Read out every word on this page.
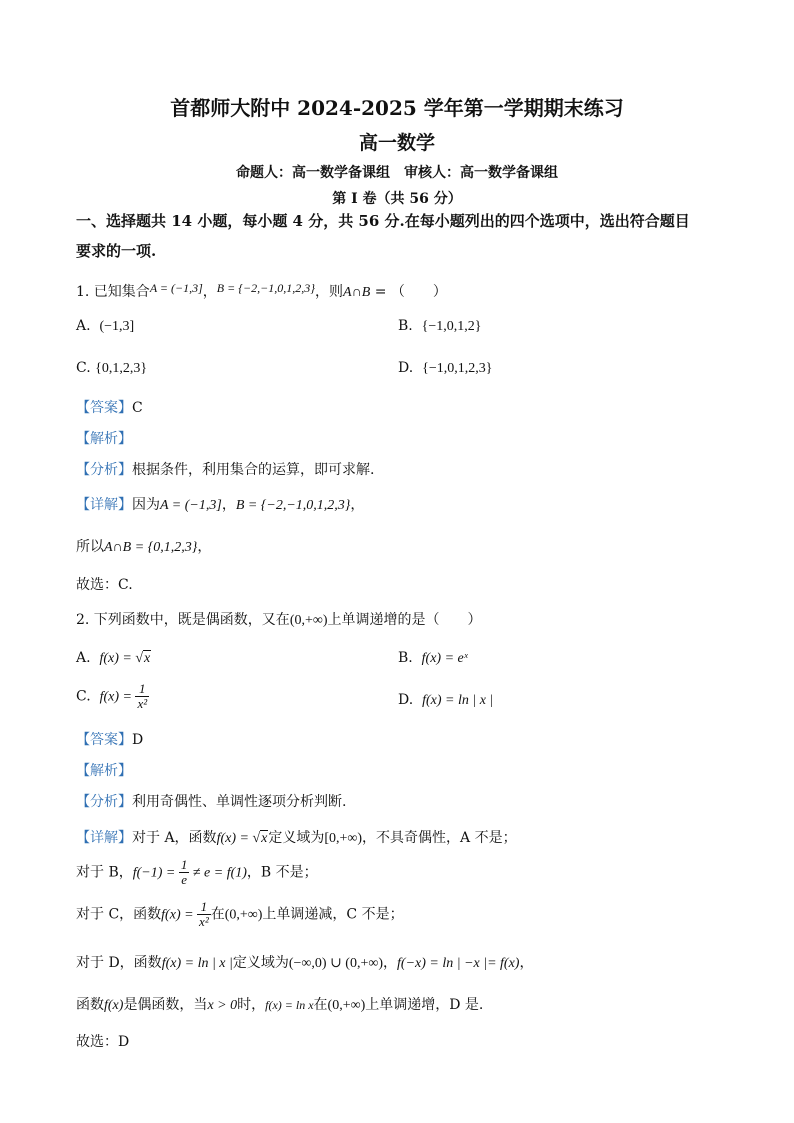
首都师大附中 2024-2025 学年第一学期期末练习
高一数学
命题人：高一数学备课组　审核人：高一数学备课组
第 I 卷（共 56 分）
一、选择题共 14 小题，每小题 4 分，共 56 分.在每小题列出的四个选项中，选出符合题目
要求的一项.
1. 已知集合A = (−1,3]，B = {−2,−1,0,1,2,3}，则A∩B = （　　）
A. (−1,3]	B. {−1,0,1,2}
C. {0,1,2,3}	D. {−1,0,1,2,3}
【答案】C
【解析】
【分析】根据条件，利用集合的运算，即可求解.
【详解】因为A = (−1,3]，B = {−2,−1,0,1,2,3}，
所以A∩B = {0,1,2,3}，
故选：C.
2. 下列函数中，既是偶函数，又在(0,+∞)上单调递增的是（　　）
A. f(x) = √x	B. f(x) = eˣ
C. $f(x) = \frac{1}{\text{x²}}$	D. f(x) = ln | x |
【答案】D
【解析】
【分析】利用奇偶性、单调性逐项分析判断.
【详解】对于 A，函数f(x) = √x定义域为[0,+∞)，不具奇偶性，A 不是；
对于 B，$f(-1) = \frac{1}{e} \ne e = f(1)$，B 不是；
对于 C，函数$f(x) = \frac{1}{\text{x²}}$ 在(0,+∞)上单调递减，C 不是；
对于 D，函数f(x) = ln | x |定义域为(−∞,0) ∪ (0,+∞)，f(−x) = ln | −x |= f(x)，
函数f(x)是偶函数，当x > 0时，f(x) = ln x在(0,+∞)上单调递增，D 是.
故选：D
